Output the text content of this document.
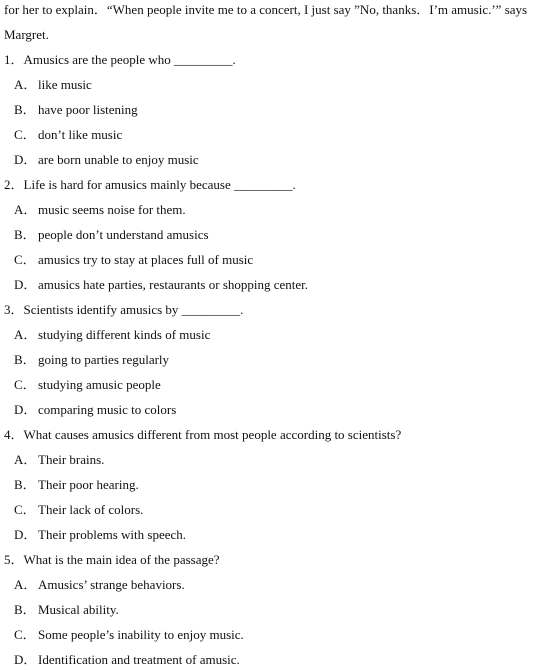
for her to explain．“When people invite me to a concert, I just say ”No, thanks．I’m amusic.’” says
Margret.
1．Amusics are the people who _________.
A． like music
B． have poor listening
C． don’t like music
D． are born unable to enjoy music
2．Life is hard for amusics mainly because _________.
A． music seems noise for them.
B． people don’t understand amusics
C． amusics try to stay at places full of music
D． amusics hate parties, restaurants or shopping center.
3．Scientists identify amusics by _________.
A． studying different kinds of music
B． going to parties regularly
C． studying amusic people
D． comparing music to colors
4．What causes amusics different from most people according to scientists?
A． Their brains.
B． Their poor hearing.
C． Their lack of colors.
D． Their problems with speech.
5．What is the main idea of the passage?
A． Amusics’ strange behaviors.
B． Musical ability.
C． Some people’s inability to enjoy music.
D． Identification and treatment of amusic.
